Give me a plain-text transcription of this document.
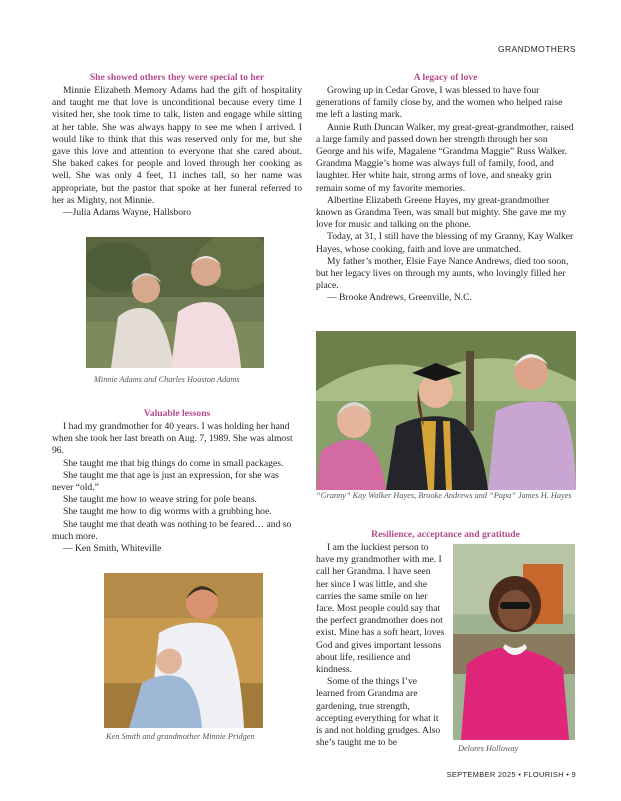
GRANDMOTHERS
She showed others they were special to her

Minnie Elizabeth Memory Adams had the gift of hospitality and taught me that love is unconditional because every time I visited her, she took time to talk, listen and engage while sitting at her table. She was always happy to see me when I arrived. I would like to think that this was reserved only for me, but she gave this love and attention to everyone that she cared about. She baked cakes for people and loved through her cooking as well. She was only 4 feet, 11 inches tall, so her name was appropriate, but the pastor that spoke at her funeral referred to her as Mighty, not Minnie.

—Julia Adams Wayne, Hallsboro

Minnie Adams and Charles Houston Adams
Valuable lessons

I had my grandmother for 40 years. I was holding her hand when she took her last breath on Aug. 7, 1989. She was almost 96.

She taught me that big things do come in small packages.

She taught me that age is just an expression, for she was never “old.”

She taught me how to weave string for pole beans.

She taught me how to dig worms with a grubbing hoe.

She taught me that death was nothing to be feared… and so much more.

— Ken Smith, Whiteville

Ken Smith and grandmother Minnie Pridgen
A legacy of love

Growing up in Cedar Grove, I was blessed to have four generations of family close by, and the women who helped raise me left a lasting mark.

Annie Ruth Duncan Walker, my great-great-grandmother, raised a large family and passed down her strength through her son George and his wife, Magalene “Grandma Maggie” Russ Walker. Grandma Maggie’s home was always full of family, food, and laughter. Her white hair, strong arms of love, and sneaky grin remain some of my favorite memories.

Albertine Elizabeth Greene Hayes, my great-grandmother known as Grandma Teen, was small but mighty. She gave me my love for music and talking on the phone.

Today, at 31, I still have the blessing of my Granny, Kay Walker Hayes, whose cooking, faith and love are unmatched.

My father’s mother, Elsie Faye Nance Andrews, died too soon, but her legacy lives on through my aunts, who lovingly filled her place.

— Brooke Andrews, Greenville, N.C.

“Granny” Kay Walker Hayes, Brooke Andrews and “Papa” James H. Hayes
Resilience, acceptance and gratitude

I am the luckiest person to have my grandmother with me. I call her Grandma. I have seen her since I was little, and she carries the same smile on her face. Most people could say that the perfect grandmother does not exist. Mine has a soft heart, loves God and gives important lessons about life, resilience and kindness.

Some of the things I’ve learned from Grandma are gardening, true strength, accepting everything for what it is and not holding grudges. Also she’s taught me to be

Delores Holloway
SEPTEMBER 2025 • FLOURISH • 9
